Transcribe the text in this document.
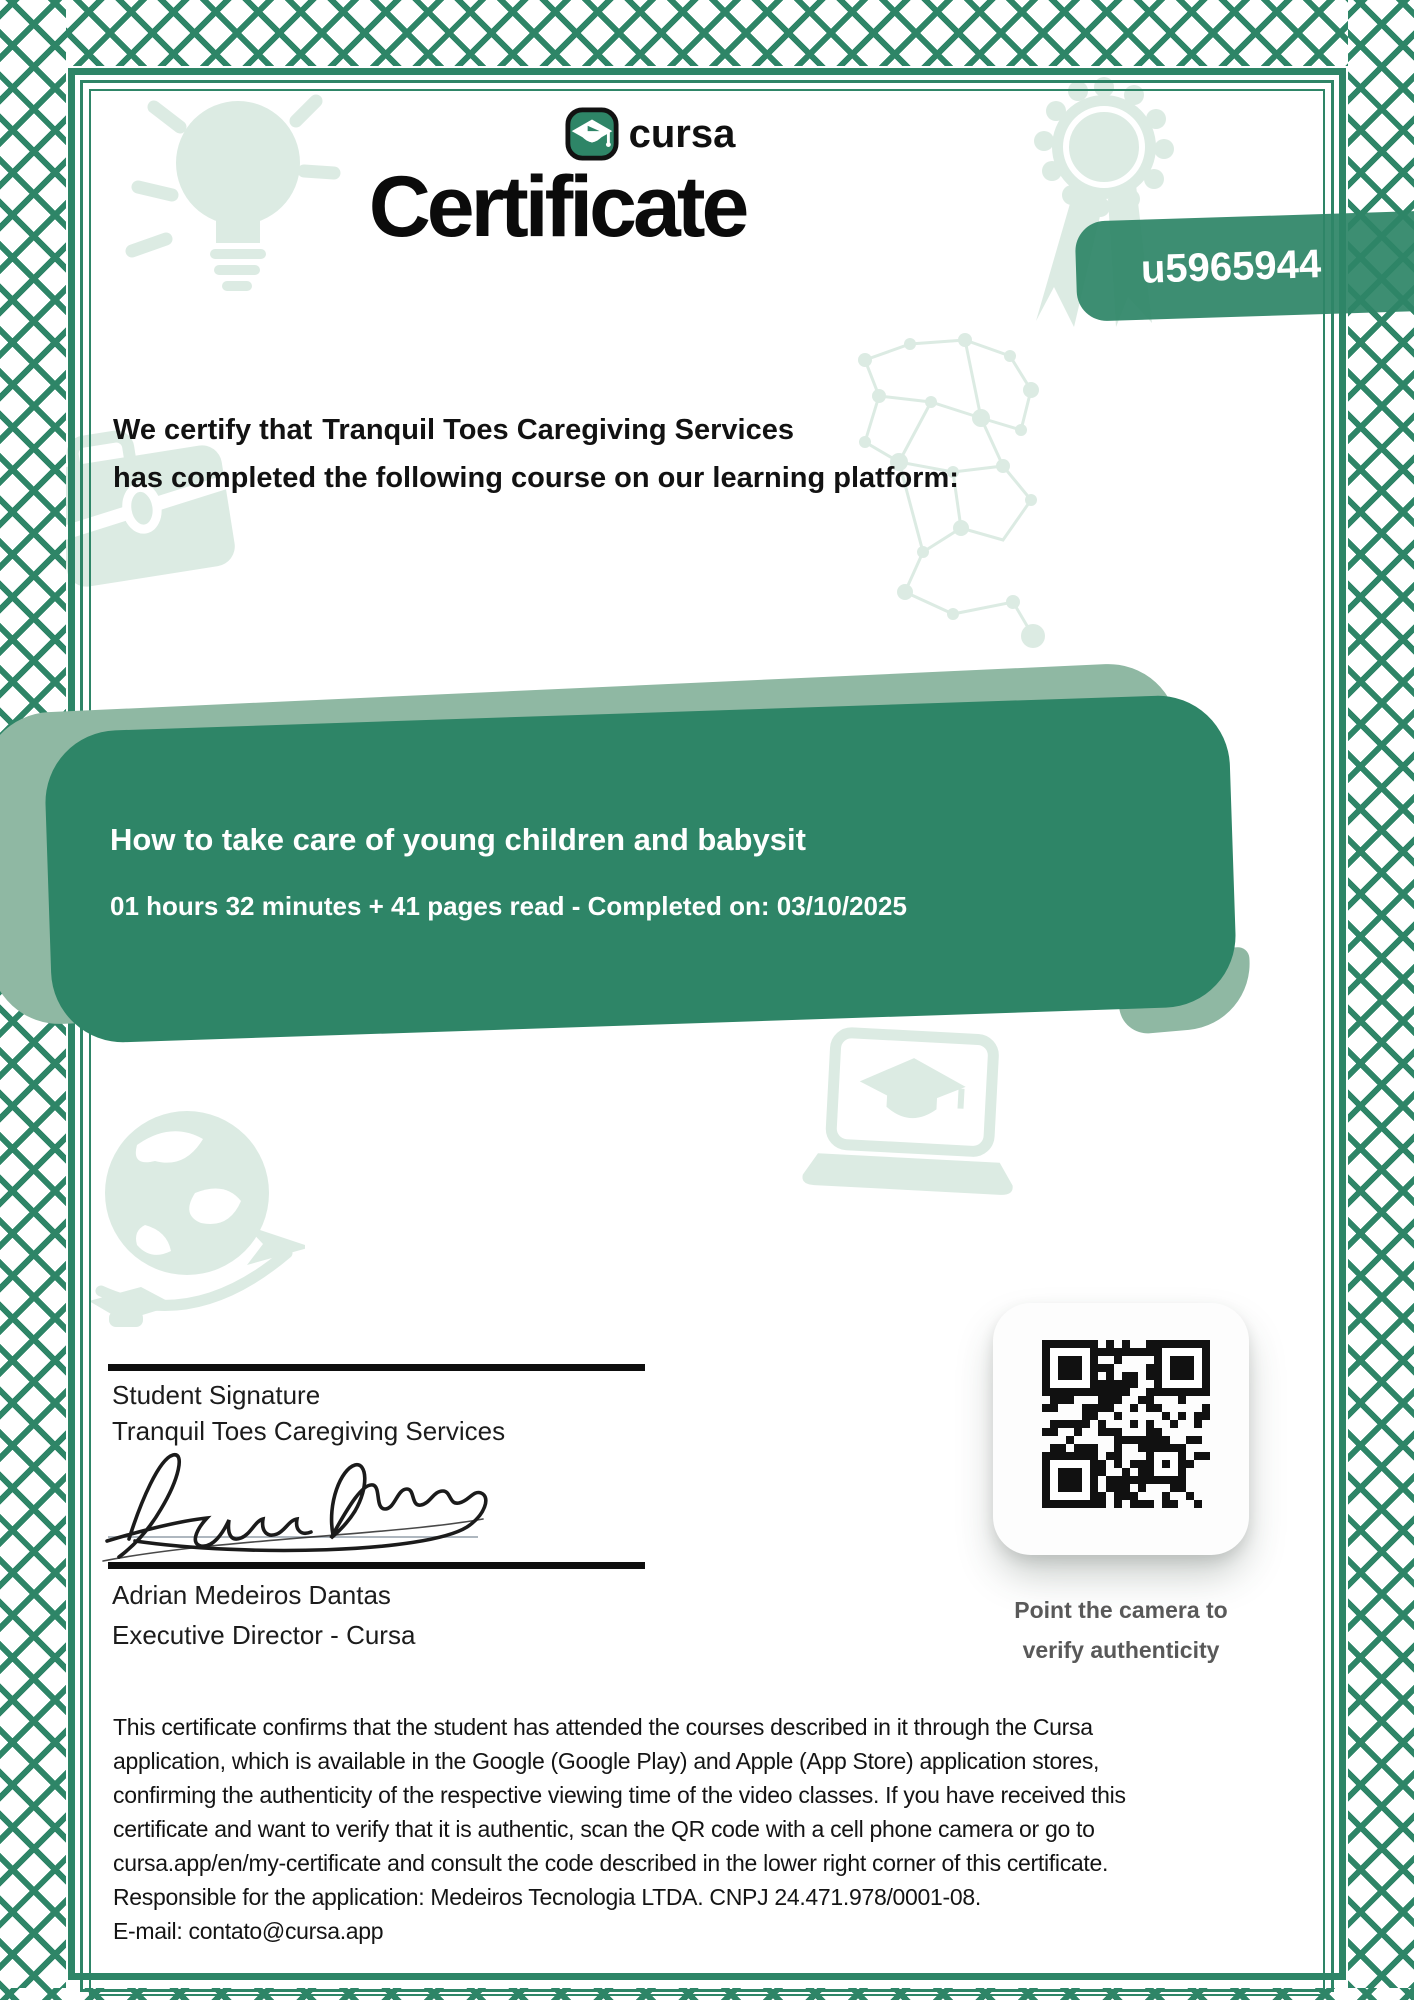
cursa
Certificate
u5965944
We certify that Tranquil Toes Caregiving Services
has completed the following course on our learning platform:
How to take care of young children and babysit
01 hours 32 minutes + 41 pages read - Completed on: 03/10/2025
Student Signature
Tranquil Toes Caregiving Services
Adrian Medeiros Dantas
Executive Director - Cursa
Point the camera to
verify authenticity
This certificate confirms that the student has attended the courses described in it through the Cursa
application, which is available in the Google (Google Play) and Apple (App Store) application stores,
confirming the authenticity of the respective viewing time of the video classes. If you have received this
certificate and want to verify that it is authentic, scan the QR code with a cell phone camera or go to
cursa.app/en/my-certificate and consult the code described in the lower right corner of this certificate.
Responsible for the application: Medeiros Tecnologia LTDA. CNPJ 24.471.978/0001-08.
E-mail: contato@cursa.app
